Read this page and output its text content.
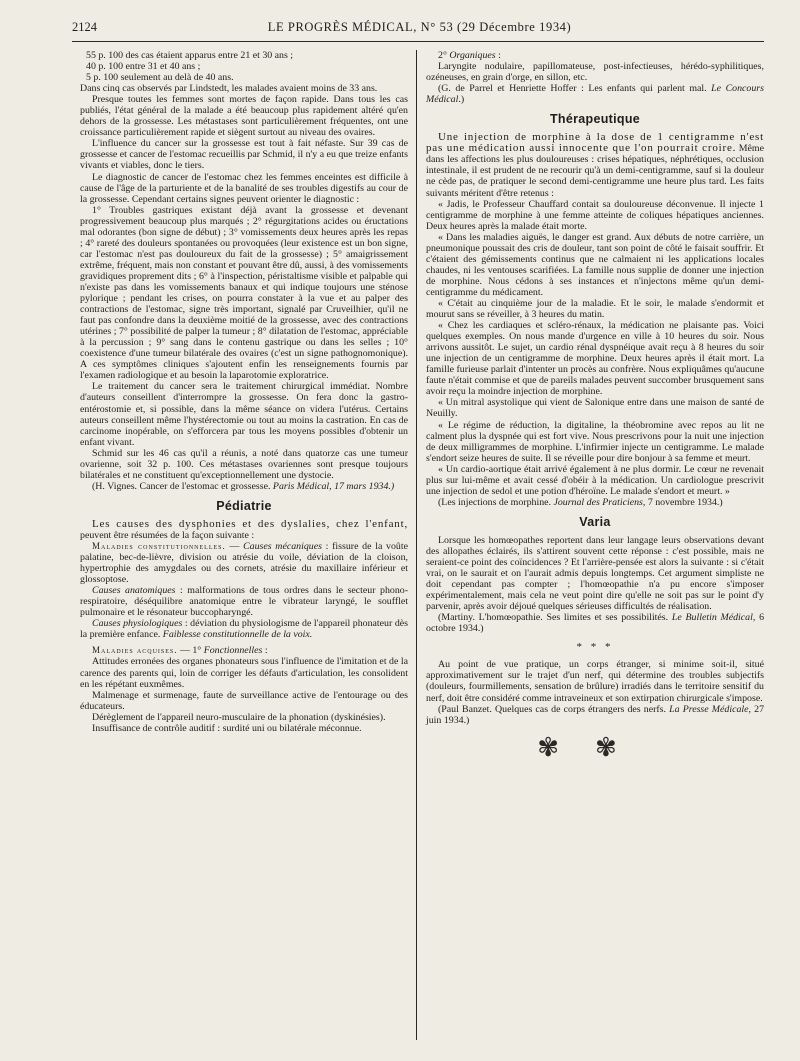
2124	LE PROGRÈS MÉDICAL, N° 53 (29 Décembre 1934)

55 p. 100 des cas étaient apparus entre 21 et 30 ans ;

40 p. 100 entre 31 et 40 ans ;

5 p. 100 seulement au delà de 40 ans.

Dans cinq cas observés par Lindstedt, les malades avaient moins de 33 ans.

Presque toutes les femmes sont mortes de façon rapide. Dans tous les cas publiés, l'état général de la malade a été beaucoup plus rapidement altéré qu'en dehors de la grossesse. Les métastases sont particulièrement fréquentes, ont une croissance particulièrement rapide et siègent surtout au niveau des ovaires.

L'influence du cancer sur la grossesse est tout à fait néfaste. Sur 39 cas de grossesse et cancer de l'estomac recueillis par Schmid, il n'y a eu que treize enfants vivants et viables, donc le tiers.

Le diagnostic de cancer de l'estomac chez les femmes enceintes est difficile à cause de l'âge de la parturiente et de la banalité de ses troubles digestifs au cour de la grossesse. Cependant certains signes peuvent orienter le diagnostic :

1° Troubles gastriques existant déjà avant la grossesse et devenant progressivement beaucoup plus marqués ; 2° régurgitations acides ou éructations mal odorantes (bon signe de début) ; 3° vomissements deux heures après les repas ; 4° rareté des douleurs spontanées ou provoquées (leur existence est un bon signe, car l'estomac n'est pas douloureux du fait de la grossesse) ; 5° amaigrissement extrême, fréquent, mais non constant et pouvant être dû, aussi, à des vomissements gravidiques proprement dits ; 6° à l'inspection, péristaltisme visible et palpable qui n'existe pas dans les vomissements banaux et qui indique toujours une sténose pylorique ; pendant les crises, on pourra constater à la vue et au palper des contractions de l'estomac, signe très important, signalé par Cruveilhier, qu'il ne faut pas confondre dans la deuxième moitié de la grossesse, avec des contractions utérines ; 7° possibilité de palper la tumeur ; 8° dilatation de l'estomac, appréciable à la percussion ; 9° sang dans le contenu gastrique ou dans les selles ; 10° coexistence d'une tumeur bilatérale des ovaires (c'est un signe pathognomonique). A ces symptômes cliniques s'ajoutent enfin les renseignements fournis par l'examen radiologique et au besoin la laparotomie exploratrice.

Le traitement du cancer sera le traitement chirurgical immédiat. Nombre d'auteurs conseillent d'interrompre la grossesse. On fera donc la gastro-entérostomie et, si possible, dans la même séance on videra l'utérus. Certains auteurs conseillent même l'hystérectomie ou tout au moins la castration. En cas de carcinome inopérable, on s'efforcera par tous les moyens possibles d'obtenir un enfant vivant.

Schmid sur les 46 cas qu'il a réunis, a noté dans quatorze cas une tumeur ovarienne, soit 32 p. 100. Ces métastases ovariennes sont presque toujours bilatérales et ne constituent qu'exceptionnellement une dystocie.

(H. Vignes. Cancer de l'estomac et grossesse. Paris Médical, 17 mars 1934.)

Pédiatrie

Les causes des dysphonies et des dyslalies, chez l'enfant, peuvent être résumées de la façon suivante :

Maladies constitutionnelles. — Causes mécaniques : fissure de la voûte palatine, bec-de-lièvre, division ou atrésie du voile, déviation de la cloison, hypertrophie des amygdales ou des cornets, atrésie du maxillaire inférieur et glossoptose.

Causes anatomiques : malformations de tous ordres dans le secteur phono-respiratoire, déséquilibre anatomique entre le vibrateur laryngé, le soufflet pulmonaire et le résonateur buccopharyngé.

Causes physiologiques : déviation du physiologisme de l'appareil phonateur dès la première enfance. Faiblesse constitutionnelle de la voix.

Maladies acquises. — 1° Fonctionnelles :

Attitudes erronées des organes phonateurs sous l'influence de l'imitation et de la carence des parents qui, loin de corriger les défauts d'articulation, les consolident en les répétant euxmêmes.

Malmenage et surmenage, faute de surveillance active de l'entourage ou des éducateurs.

Dérèglement de l'appareil neuro-musculaire de la phonation (dyskinésies).

Insuffisance de contrôle auditif : surdité uni ou bilatérale méconnue.

2° Organiques :

Laryngite nodulaire, papillomateuse, post-infectieuses, hérédo-syphilitiques, ozéneuses, en grain d'orge, en sillon, etc.

(G. de Parrel et Henriette Hoffer : Les enfants qui parlent mal. Le Concours Médical.)

Thérapeutique

Une injection de morphine à la dose de 1 centigramme n'est pas une médication aussi innocente que l'on pourrait croire. Même dans les affections les plus douloureuses : crises hépatiques, néphrétiques, occlusion intestinale, il est prudent de ne recourir qu'à un demi-centigramme, sauf si la douleur ne cède pas, de pratiquer le second demi-centigramme une heure plus tard. Les faits suivants méritent d'être retenus :

« Jadis, le Professeur Chauffard contait sa douloureuse déconvenue. Il injecte 1 centigramme de morphine à une femme atteinte de coliques hépatiques anciennes. Deux heures après la malade était morte.

« Dans les maladies aiguës, le danger est grand. Aux débuts de notre carrière, un pneumonique poussait des cris de douleur, tant son point de côté le faisait souffrir. Et c'étaient des gémissements continus que ne calmaient ni les applications locales chaudes, ni les ventouses scarifiées. La famille nous supplie de donner une injection de morphine. Nous cédons à ses instances et n'injectons même qu'un demi-centigramme du médicament.

« C'était au cinquième jour de la maladie. Et le soir, le malade s'endormit et mourut sans se réveiller, à 3 heures du matin.

« Chez les cardiaques et scléro-rénaux, la médication ne plaisante pas. Voici quelques exemples. On nous mande d'urgence en ville à 10 heures du soir. Nous arrivons aussitôt. Le sujet, un cardio rénal dyspnéique avait reçu à 8 heures du soir une injection de un centigramme de morphine. Deux heures après il était mort. La famille furieuse parlait d'intenter un procès au confrère. Nous expliquâmes qu'aucune faute n'était commise et que de pareils malades peuvent succomber brusquement sans avoir reçu la moindre injection de morphine.

« Un mitral asystolique qui vient de Salonique entre dans une maison de santé de Neuilly.

« Le régime de réduction, la digitaline, la théobromine avec repos au lit ne calment plus la dyspnée qui est fort vive. Nous prescrivons pour la nuit une injection de deux milligrammes de morphine. L'infirmier injecte un centigramme. Le malade s'endort seize heures de suite. Il se réveille pour dire bonjour à sa femme et meurt.

« Un cardio-aortique était arrivé également à ne plus dormir. Le cœur ne revenait plus sur lui-même et avait cessé d'obéir à la médication. Un cardiologue prescrivit une injection de sedol et une potion d'héroïne. Le malade s'endort et meurt. »

(Les injections de morphine. Journal des Praticiens, 7 novembre 1934.)

Varia

Lorsque les homœopathes reportent dans leur langage leurs observations devant des allopathes éclairés, ils s'attirent souvent cette réponse : c'est possible, mais ne seraient-ce point des coïncidences ? Et l'arrière-pensée est alors la suivante : si c'était vrai, on le saurait et on l'aurait admis depuis longtemps. Cet argument simpliste ne doit cependant pas compter ; l'homœopathie n'a pu encore s'imposer expérimentalement, mais cela ne veut point dire qu'elle ne soit pas sur le point d'y parvenir, après avoir déjoué quelques sérieuses difficultés de réalisation.

(Martiny. L'homœopathie. Ses limites et ses possibilités. Le Bulletin Médical, 6 octobre 1934.)

* * *

Au point de vue pratique, un corps étranger, si minime soit-il, situé approximativement sur le trajet d'un nerf, qui détermine des troubles subjectifs (douleurs, fourmillements, sensation de brûlure) irradiés dans le territoire sensitif du nerf, doit être considéré comme intraveineux et son extirpation chirurgicale s'impose.

(Paul Banzet. Quelques cas de corps étrangers des nerfs. La Presse Médicale, 27 juin 1934.)

✾✾
